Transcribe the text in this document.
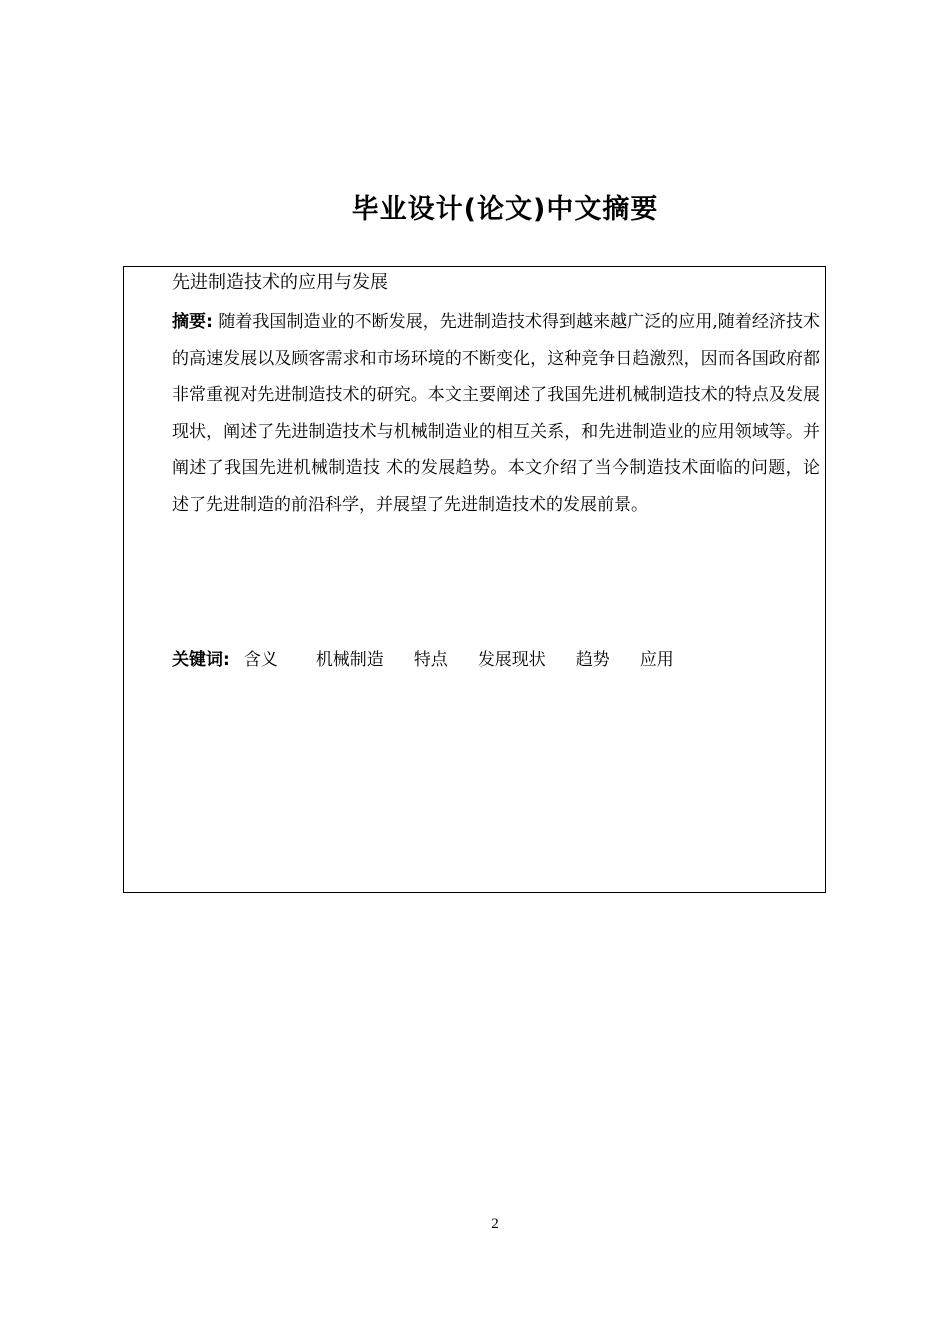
毕业设计(论文)中文摘要
先进制造技术的应用与发展
摘要: 随着我国制造业的不断发展，先进制造技术得到越来越广泛的应用,随着经济技术的高速发展以及顾客需求和市场环境的不断变化，这种竞争日趋激烈，因而各国政府都非常重视对先进制造技术的研究。本文主要阐述了我国先进机械制造技术的特点及发展现状，阐述了先进制造技术与机械制造业的相互关系，和先进制造业的应用领域等。并阐述了我国先进机械制造技 术的发展趋势。本文介绍了当今制造技术面临的问题，论述了先进制造的前沿科学，并展望了先进制造技术的发展前景。
关键词: 含义 机械制造 特点 发展现状 趋势 应用
2
